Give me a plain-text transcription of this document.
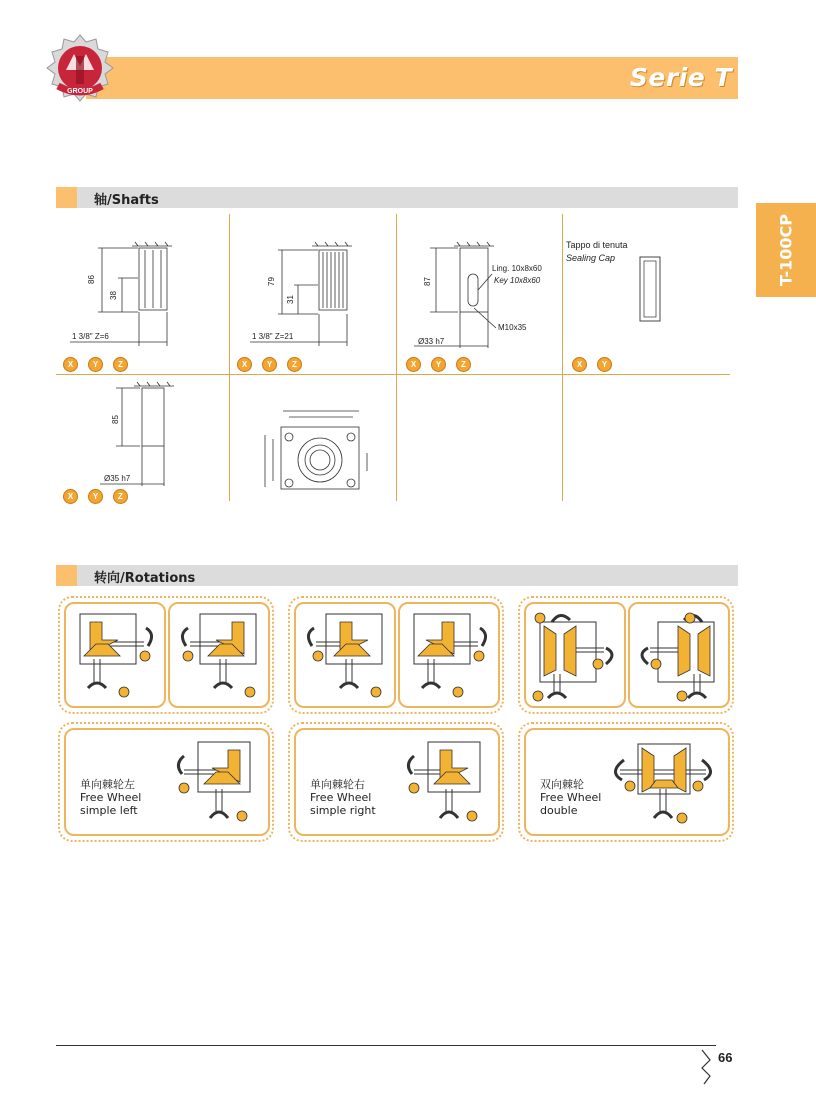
Serie T
GROUP
T-100CP
轴/Shafts
86
38
1 3/8" Z=6
X	Y	Z
79
31
1 3/8" Z=21
X	Y	Z
87
Ling. 10x8x60
Key 10x8x60
M10x35
Ø33 h7
X	Y	Z
Tappo di tenuta
Sealing Cap
X	Y
85
Ø35 h7
X	Y	Z
转向/Rotations
单向棘轮左
Free Wheel
simple left
单向棘轮右
Free Wheel
simple right
双向棘轮
Free Wheel
double
66
